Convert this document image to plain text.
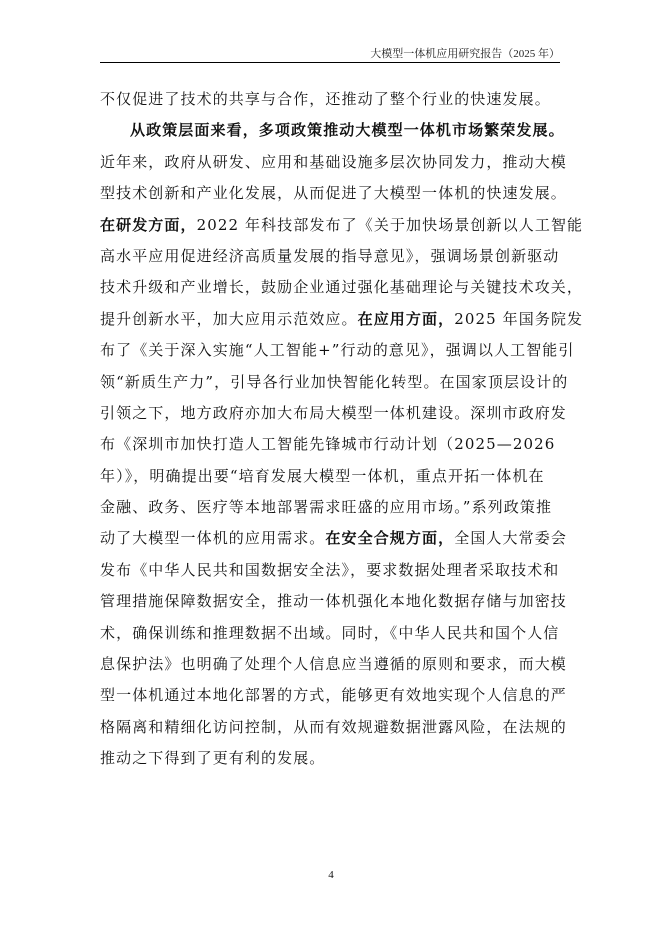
大模型一体机应用研究报告（2025 年）
不仅促进了技术的共享与合作，还推动了整个行业的快速发展。
从政策层面来看，多项政策推动大模型一体机市场繁荣发展。
近年来，政府从研发、应用和基础设施多层次协同发力，推动大模
型技术创新和产业化发展，从而促进了大模型一体机的快速发展。
在研发方面，2022 年科技部发布了《关于加快场景创新以人工智能
高水平应用促进经济高质量发展的指导意见》，强调场景创新驱动
技术升级和产业增长，鼓励企业通过强化基础理论与关键技术攻关，
提升创新水平，加大应用示范效应。在应用方面，2025 年国务院发
布了《关于深入实施“人工智能+”行动的意见》，强调以人工智能引
领“新质生产力”，引导各行业加快智能化转型。在国家顶层设计的
引领之下，地方政府亦加大布局大模型一体机建设。深圳市政府发
布《深圳市加快打造人工智能先锋城市行动计划（2025—2026
年）》，明确提出要“培育发展大模型一体机，重点开拓一体机在
金融、政务、医疗等本地部署需求旺盛的应用市场。”系列政策推
动了大模型一体机的应用需求。在安全合规方面，全国人大常委会
发布《中华人民共和国数据安全法》，要求数据处理者采取技术和
管理措施保障数据安全，推动一体机强化本地化数据存储与加密技
术，确保训练和推理数据不出域。同时，《中华人民共和国个人信
息保护法》也明确了处理个人信息应当遵循的原则和要求，而大模
型一体机通过本地化部署的方式，能够更有效地实现个人信息的严
格隔离和精细化访问控制，从而有效规避数据泄露风险，在法规的
推动之下得到了更有利的发展。
4
